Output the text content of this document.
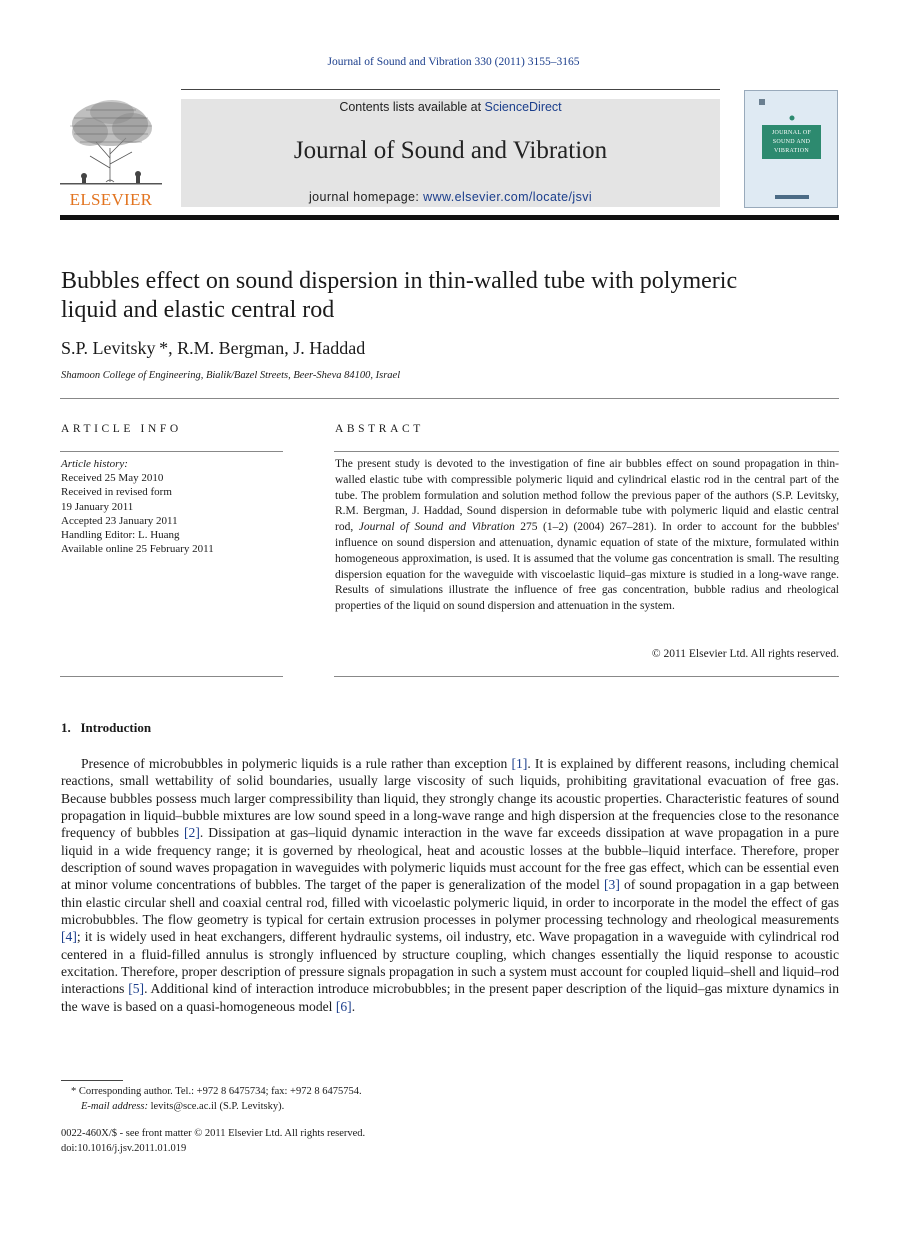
Journal of Sound and Vibration 330 (2011) 3155–3165
ELSEVIER
Contents lists available at ScienceDirect
Journal of Sound and Vibration
journal homepage: www.elsevier.com/locate/jsvi
JOURNAL OF SOUND AND VIBRATION
Bubbles effect on sound dispersion in thin-walled tube with polymeric liquid and elastic central rod
S.P. Levitsky *, R.M. Bergman, J. Haddad
Shamoon College of Engineering, Bialik/Bazel Streets, Beer-Sheva 84100, Israel
ARTICLE INFO	ABSTRACT
Article history:
Received 25 May 2010
Received in revised form
19 January 2011
Accepted 23 January 2011
Handling Editor: L. Huang
Available online 25 February 2011
The present study is devoted to the investigation of fine air bubbles effect on sound propagation in thin-walled elastic tube with compressible polymeric liquid and cylindrical elastic rod in the central part of the tube. The problem formulation and solution method follow the previous paper of the authors (S.P. Levitsky, R.M. Bergman, J. Haddad, Sound dispersion in deformable tube with polymeric liquid and elastic central rod, Journal of Sound and Vibration 275 (1–2) (2004) 267–281). In order to account for the bubbles' influence on sound dispersion and attenuation, dynamic equation of state of the mixture, formulated within homogeneous approximation, is used. It is assumed that the volume gas concentration is small. The resulting dispersion equation for the waveguide with viscoelastic liquid–gas mixture is studied in a long-wave range. Results of simulations illustrate the influence of free gas concentration, bubble radius and rheological properties of the liquid on sound dispersion and attenuation in the system.
© 2011 Elsevier Ltd. All rights reserved.
1.  Introduction

Presence of microbubbles in polymeric liquids is a rule rather than exception [1]. It is explained by different reasons, including chemical reactions, small wettability of solid boundaries, usually large viscosity of such liquids, prohibiting gravitational evacuation of free gas. Because bubbles possess much larger compressibility than liquid, they strongly change its acoustic properties. Characteristic features of sound propagation in liquid–bubble mixtures are low sound speed in a long-wave range and high dispersion at the frequencies close to the resonance frequency of bubbles [2]. Dissipation at gas–liquid dynamic interaction in the wave far exceeds dissipation at wave propagation in a pure liquid in a wide frequency range; it is governed by rheological, heat and acoustic losses at the bubble–liquid interface. Therefore, proper description of sound waves propagation in waveguides with polymeric liquids must account for the free gas effect, which can be essential even at minor volume concentrations of bubbles. The target of the paper is generalization of the model [3] of sound propagation in a gap between thin elastic circular shell and coaxial central rod, filled with vicoelastic polymeric liquid, in order to incorporate in the model the effect of gas microbubbles. The flow geometry is typical for certain extrusion processes in polymer processing technology and rheological measurements [4]; it is widely used in heat exchangers, different hydraulic systems, oil industry, etc. Wave propagation in a waveguide with cylindrical rod centered in a fluid-filled annulus is strongly influenced by structure coupling, which changes essentially the liquid response to acoustic excitation. Therefore, proper description of pressure signals propagation in such a system must account for coupled liquid–shell and liquid–rod interactions [5]. Additional kind of interaction introduce microbubbles; in the present paper description of the liquid–gas mixture dynamics in the wave is based on a quasi-homogeneous model [6].

* Corresponding author. Tel.: +972 8 6475734; fax: +972 8 6475754.
E-mail address: levits@sce.ac.il (S.P. Levitsky).
0022-460X/$ - see front matter © 2011 Elsevier Ltd. All rights reserved.
doi:10.1016/j.jsv.2011.01.019
